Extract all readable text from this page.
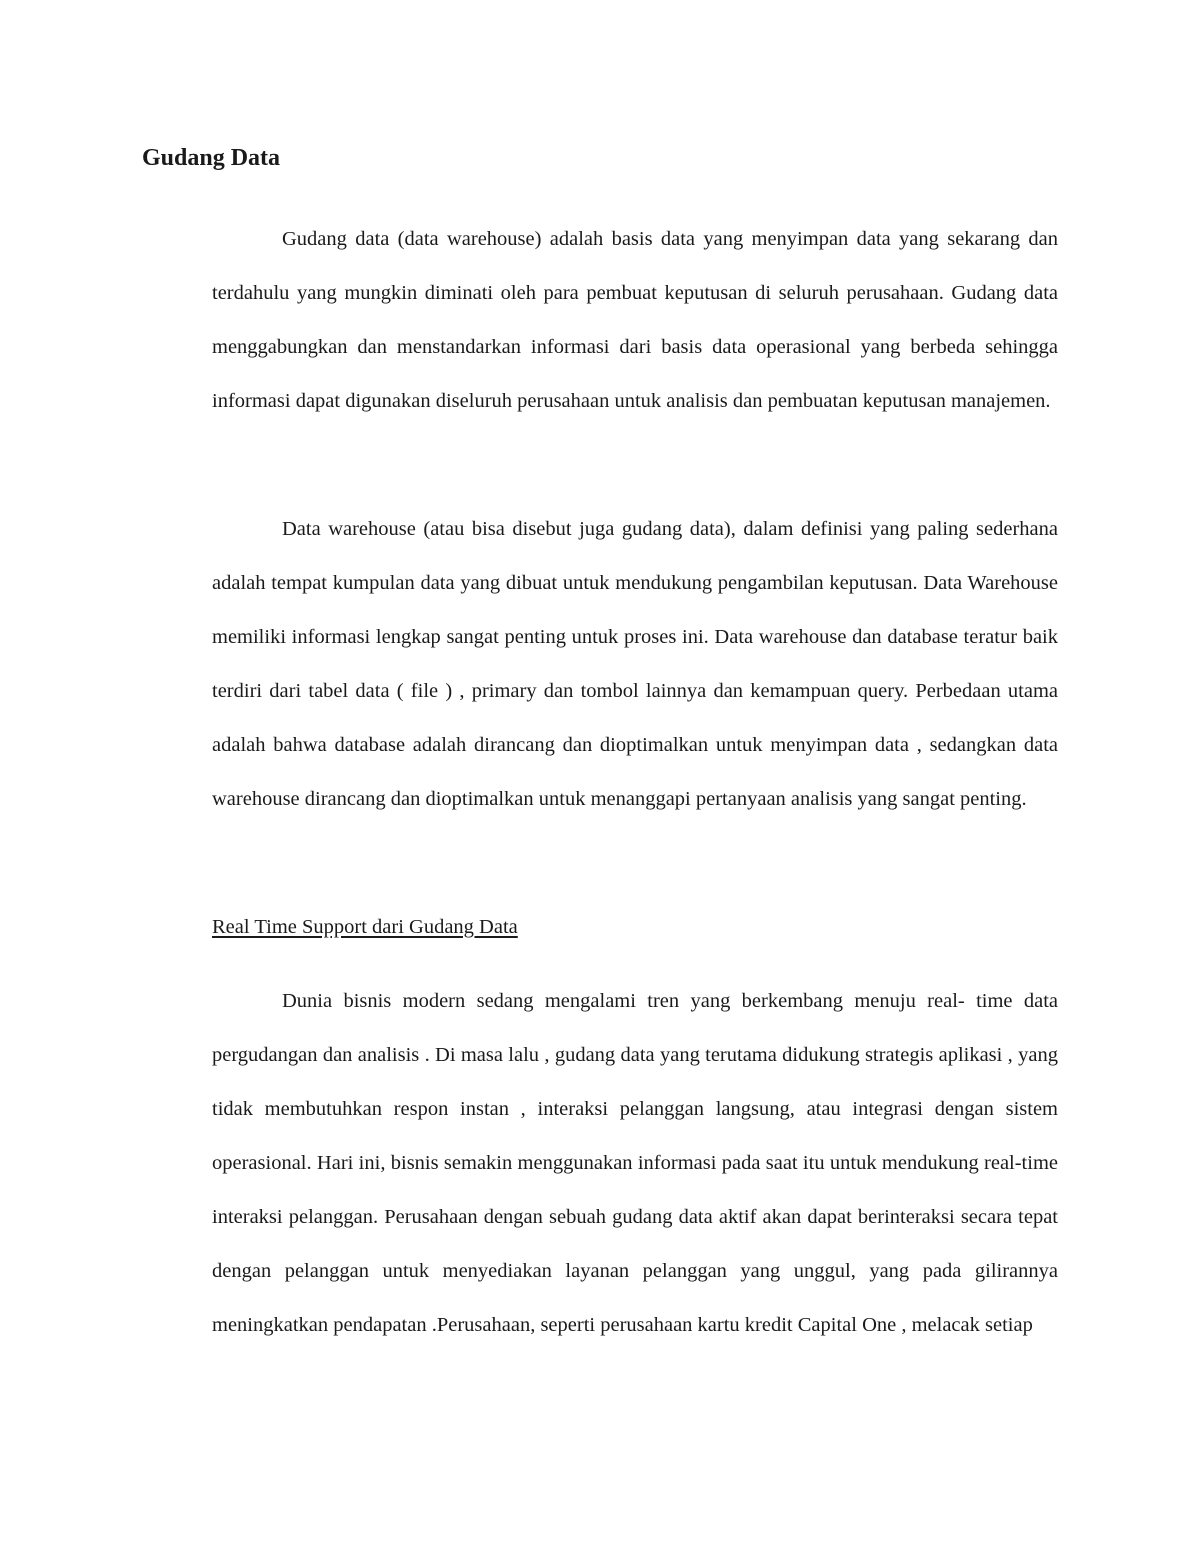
Gudang Data

Gudang data (data warehouse) adalah basis data yang menyimpan data yang sekarang dan terdahulu yang mungkin diminati oleh para pembuat keputusan di seluruh perusahaan. Gudang data menggabungkan dan menstandarkan informasi dari basis data operasional yang berbeda sehingga informasi dapat digunakan diseluruh perusahaan untuk analisis dan pembuatan keputusan manajemen.

Data warehouse (atau bisa disebut juga gudang data), dalam definisi yang paling sederhana adalah tempat kumpulan data yang dibuat untuk mendukung pengambilan keputusan. Data Warehouse memiliki informasi lengkap sangat penting untuk proses ini. Data warehouse dan database teratur baik terdiri dari tabel data ( file ) , primary dan tombol lainnya dan kemampuan query. Perbedaan utama adalah bahwa database adalah dirancang dan dioptimalkan untuk menyimpan data , sedangkan data warehouse dirancang dan dioptimalkan untuk menanggapi pertanyaan analisis yang sangat penting.

Real Time Support dari Gudang Data

Dunia bisnis modern sedang mengalami tren yang berkembang menuju real- time data pergudangan dan analisis . Di masa lalu , gudang data yang terutama didukung strategis aplikasi , yang tidak membutuhkan respon instan , interaksi pelanggan langsung, atau integrasi dengan sistem operasional. Hari ini, bisnis semakin menggunakan informasi pada saat itu untuk mendukung real-time interaksi pelanggan. Perusahaan dengan sebuah gudang data aktif akan dapat berinteraksi secara tepat dengan pelanggan untuk menyediakan layanan pelanggan yang unggul, yang pada gilirannya meningkatkan pendapatan .Perusahaan, seperti perusahaan kartu kredit Capital One , melacak setiap
